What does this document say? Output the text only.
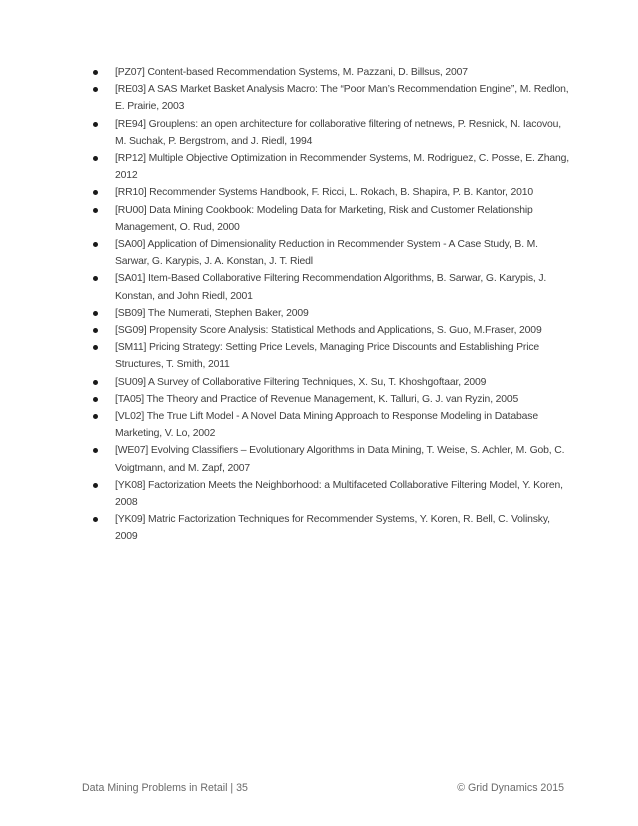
[PZ07] Content-based Recommendation Systems, M. Pazzani, D. Billsus, 2007
[RE03] A SAS Market Basket Analysis Macro: The “Poor Man’s Recommendation Engine”, M. Redlon, E. Prairie, 2003
[RE94] Grouplens: an open architecture for collaborative filtering of netnews, P. Resnick, N. Iacovou, M. Suchak, P. Bergstrom, and J. Riedl, 1994
[RP12] Multiple Objective Optimization in Recommender Systems, M. Rodriguez, C. Posse, E. Zhang, 2012
[RR10] Recommender Systems Handbook, F. Ricci, L. Rokach, B. Shapira, P. B. Kantor, 2010
[RU00] Data Mining Cookbook: Modeling Data for Marketing, Risk and Customer Relationship Management, O. Rud, 2000
[SA00] Application of Dimensionality Reduction in Recommender System - A Case Study, B. M. Sarwar, G. Karypis, J. A. Konstan, J. T. Riedl
[SA01] Item-Based Collaborative Filtering Recommendation Algorithms, B. Sarwar, G. Karypis, J. Konstan, and John Riedl, 2001
[SB09] The Numerati, Stephen Baker, 2009
[SG09] Propensity Score Analysis: Statistical Methods and Applications, S. Guo, M.Fraser, 2009
[SM11] Pricing Strategy: Setting Price Levels, Managing Price Discounts and Establishing Price Structures, T. Smith, 2011
[SU09] A Survey of Collaborative Filtering Techniques, X. Su, T. Khoshgoftaar, 2009
[TA05] The Theory and Practice of Revenue Management, K. Talluri, G. J. van Ryzin, 2005
[VL02] The True Lift Model - A Novel Data Mining Approach to Response Modeling in Database Marketing, V. Lo, 2002
[WE07] Evolving Classifiers – Evolutionary Algorithms in Data Mining, T. Weise, S. Achler, M. Gob, C. Voigtmann, and M. Zapf, 2007
[YK08] Factorization Meets the Neighborhood: a Multifaceted Collaborative Filtering Model, Y. Koren, 2008
[YK09] Matric Factorization Techniques for Recommender Systems, Y. Koren, R. Bell, C. Volinsky, 2009
Data Mining Problems in Retail | 35	© Grid Dynamics 2015
